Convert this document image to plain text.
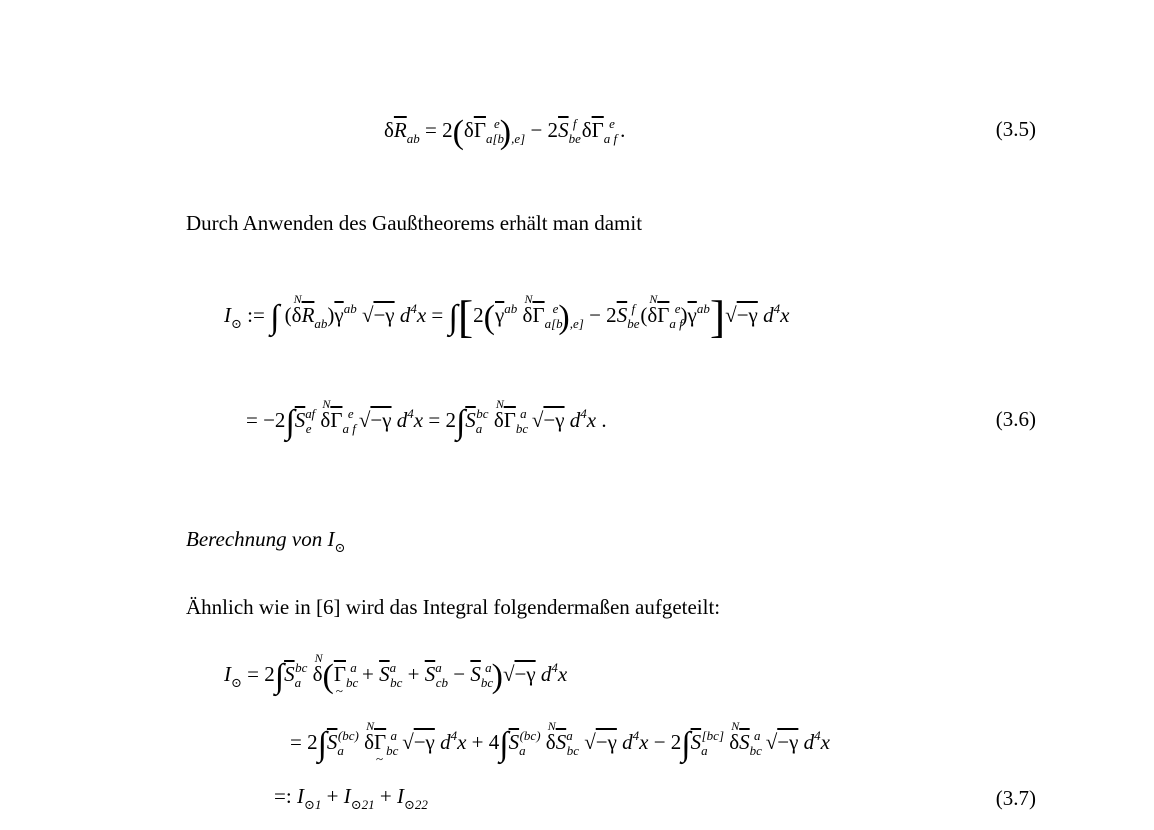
$\delta\overline{R}_{ab} = 2(\delta\overline{\Gamma}_{a[b}^e)_{,e]} - 2\overline{S}_{be}^f$ $\delta\overline{\Gamma}_{a f}^e$ .	(3.5)
Durch Anwenden des Gaußtheorems erhält man damit
$I_⊙$ := ∫ (
N
$\delta\overline{R}_{ab})\overline{\gamma}^{ab}$ √−γ $d^4x = \int[2(\overline{\gamma}^{ab}$
N
$\delta\overline{\Gamma}_{a[b}^e)_{,e]} - 2\overline{S}_{be}^f$ (
N
$\delta\overline{\Gamma}_{a f}^e)\overline{\gamma}^{ab}]√-\gamma$ $d^4x$
= $-2\int\overline{S}^a_e^f$
N
$\delta\overline{\Gamma}_{a f}^e$ √−γ $d^4x = 2\int\overline{S}_a^{bc}$
N
$\delta\overline{\Gamma}_{bc}^a$ √−γ $d^4x$ .	(3.6)
Berechnung von $I_⊙$
Ähnlich wie in [6] wird das Integral folgendermaßen aufgeteilt:
$I_⊙ = 2\int\overline{S}_a^{bc}$
N
$\delta(\overline{\Gamma}$ $\sim_{bc}^a + \overline{S}^a_{bc} + \overline{S}^a_{cb} - \overline{S}_{bc}^a)√-\gamma$ $d^4x$
= $2\int\overline{S}_a^{(bc)}$
N
$\delta\overline{\Gamma}$ $\sim_{bc}^a$ √−γ $d^4x + 4\int\overline{S}_a^{(bc)}$
N
$\delta\overline{S}^a_{bc}$ √−γ $d^4x - 2\int\overline{S}_a[bc]$
N
$\delta\overline{S}_{bc}^a$ √−γ $d^4x$
=: $I_{⊙1} + I_{⊙21} + I_{⊙22}$	(3.7)
